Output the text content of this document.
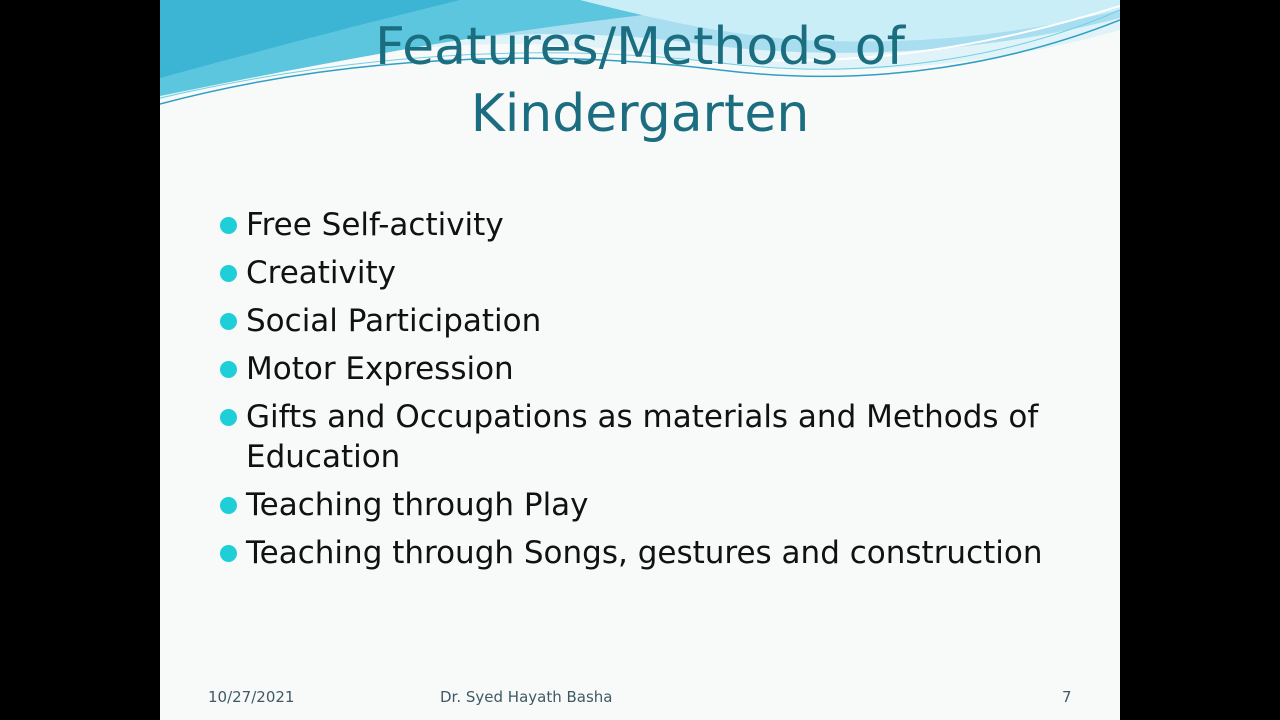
Features/Methods of
Kindergarten
Free Self-activity
Creativity
Social Participation
Motor Expression
Gifts and Occupations as materials and Methods of Education
Teaching through Play
Teaching through Songs, gestures and construction
10/27/2021	Dr. Syed Hayath Basha	7
